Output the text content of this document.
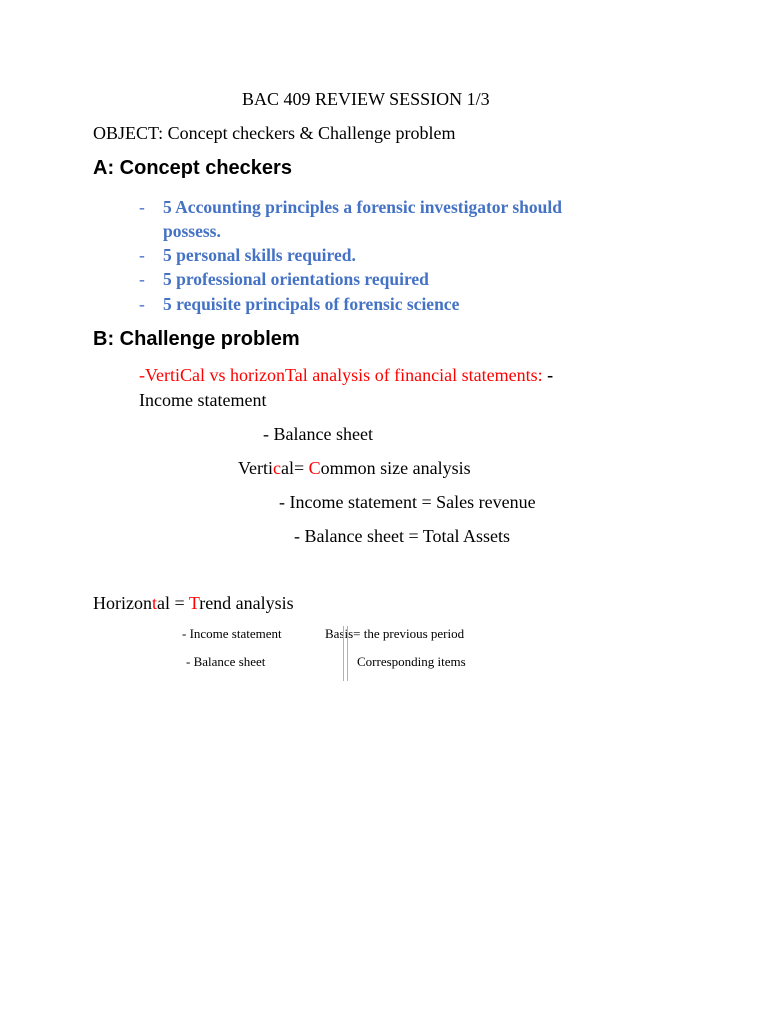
BAC 409 REVIEW SESSION 1/3
OBJECT: Concept checkers & Challenge problem
A: Concept checkers
- 5 Accounting principles a forensic investigator should
possess.
- 5 personal skills required.
- 5 professional orientations required
- 5 requisite principals of forensic science
B: Challenge problem
-VertiCal vs horizonTal analysis of financial statements: -
Income statement
- Balance sheet
Vertical= Common size analysis
- Income statement = Sales revenue
- Balance sheet = Total Assets
Horizontal = Trend analysis
- Income statement
- Balance sheet
Basis= the previous period
Corresponding items
